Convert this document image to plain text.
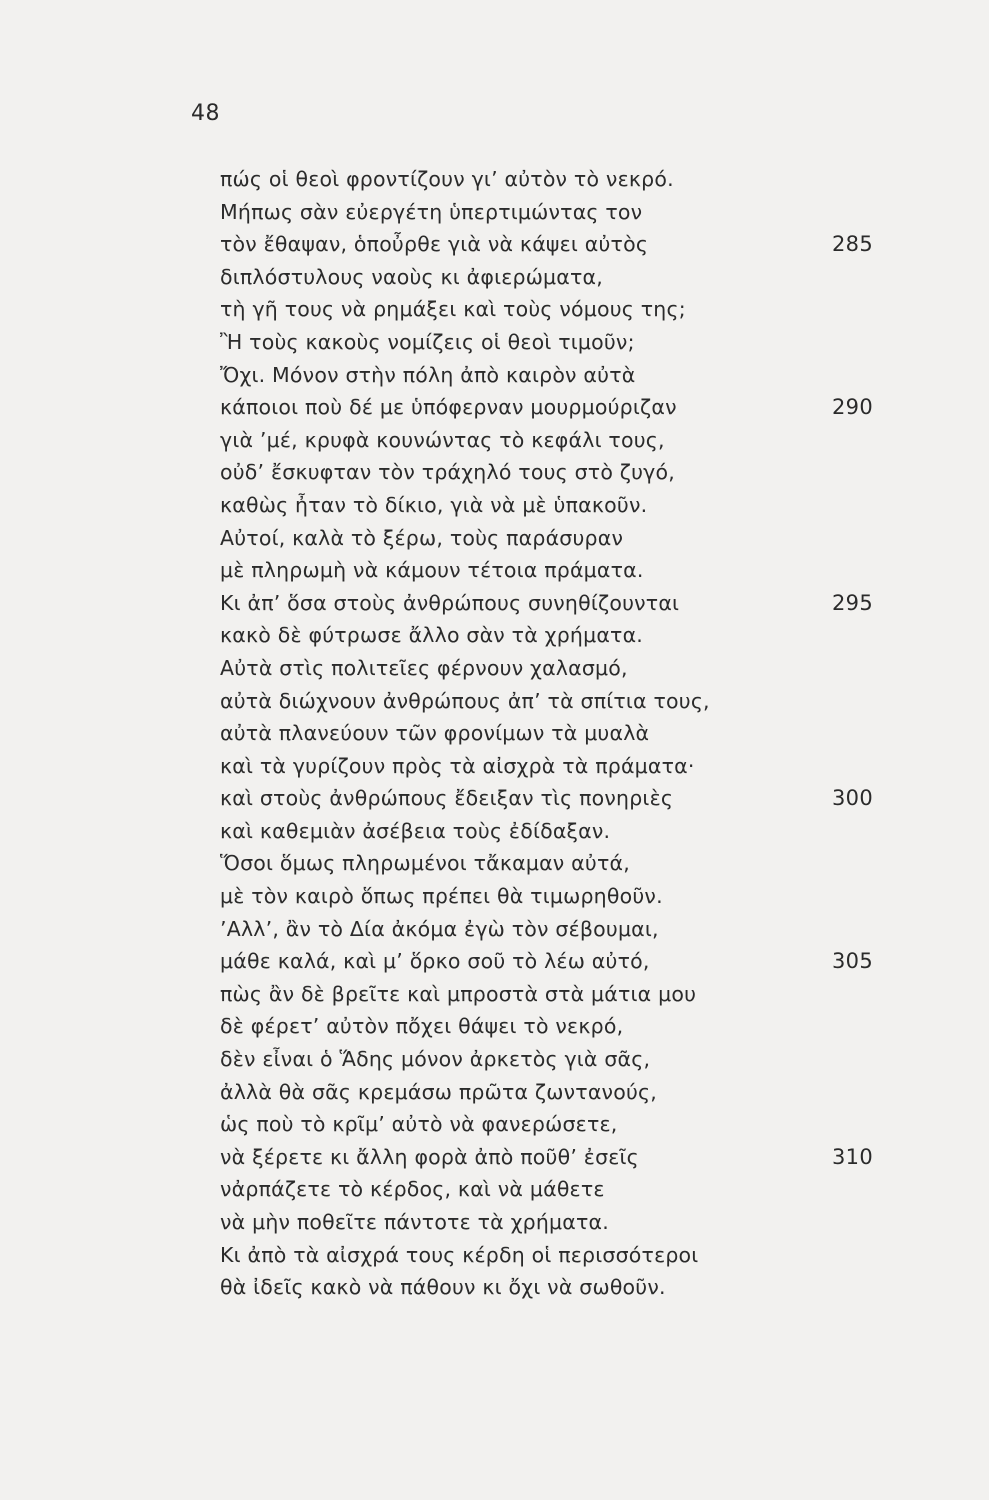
48
πώς οἱ θεοὶ φροντίζουν γι’ αὐτὸν τὸ νεκρό.
Μήπως σὰν εὐεργέτη ὑπερτιμώντας τον
τὸν ἔθαψαν, ὁποὖρθε γιὰ νὰ κάψει αὐτὸς	285
διπλόστυλους ναοὺς κι ἀφιερώματα,
τὴ γῆ τους νὰ ρημάξει καὶ τοὺς νόμους της;
Ἢ τοὺς κακοὺς νομίζεις οἱ θεοὶ τιμοῦν;
Ὄχι. Μόνον στὴν πόλη ἀπὸ καιρὸν αὐτὰ
κάποιοι ποὺ δέ με ὑπόφερναν μουρμούριζαν	290
γιὰ ’μέ, κρυφὰ κουνώντας τὸ κεφάλι τους,
οὐδ’ ἔσκυφταν τὸν τράχηλό τους στὸ ζυγό,
καθὼς ἦταν τὸ δίκιο, γιὰ νὰ μὲ ὑπακοῦν.
Αὐτοί, καλὰ τὸ ξέρω, τοὺς παράσυραν
μὲ πληρωμὴ νὰ κάμουν τέτοια πράματα.
Κι ἀπ’ ὅσα στοὺς ἀνθρώπους συνηθίζουνται	295
κακὸ δὲ φύτρωσε ἄλλο σὰν τὰ χρήματα.
Αὐτὰ στὶς πολιτεῖες φέρνουν χαλασμό,
αὐτὰ διώχνουν ἀνθρώπους ἀπ’ τὰ σπίτια τους,
αὐτὰ πλανεύουν τῶν φρονίμων τὰ μυαλὰ
καὶ τὰ γυρίζουν πρὸς τὰ αἰσχρὰ τὰ πράματα·
καὶ στοὺς ἀνθρώπους ἔδειξαν τὶς πονηριὲς	300
καὶ καθεμιὰν ἀσέβεια τοὺς ἐδίδαξαν.
Ὅσοι ὅμως πληρωμένοι τἄκαμαν αὐτά,
μὲ τὸν καιρὸ ὅπως πρέπει θὰ τιμωρηθοῦν.
’Αλλ’, ἂν τὸ Δία ἀκόμα ἐγὼ τὸν σέβουμαι,
μάθε καλά, καὶ μ’ ὅρκο σοῦ τὸ λέω αὐτό,	305
πὼς ἂν δὲ βρεῖτε καὶ μπροστὰ στὰ μάτια μου
δὲ φέρετ’ αὐτὸν πὄχει θάψει τὸ νεκρό,
δὲν εἶναι ὁ Ἅδης μόνον ἀρκετὸς γιὰ σᾶς,
ἀλλὰ θὰ σᾶς κρεμάσω πρῶτα ζωντανούς,
ὡς ποὺ τὸ κρῖμ’ αὐτὸ νὰ φανερώσετε,
νὰ ξέρετε κι ἄλλη φορὰ ἀπὸ ποῦθ’ ἐσεῖς	310
νἀρπάζετε τὸ κέρδος, καὶ νὰ μάθετε
νὰ μὴν ποθεῖτε πάντοτε τὰ χρήματα.
Κι ἀπὸ τὰ αἰσχρά τους κέρδη οἱ περισσότεροι
θὰ ἰδεῖς κακὸ νὰ πάθουν κι ὄχι νὰ σωθοῦν.
